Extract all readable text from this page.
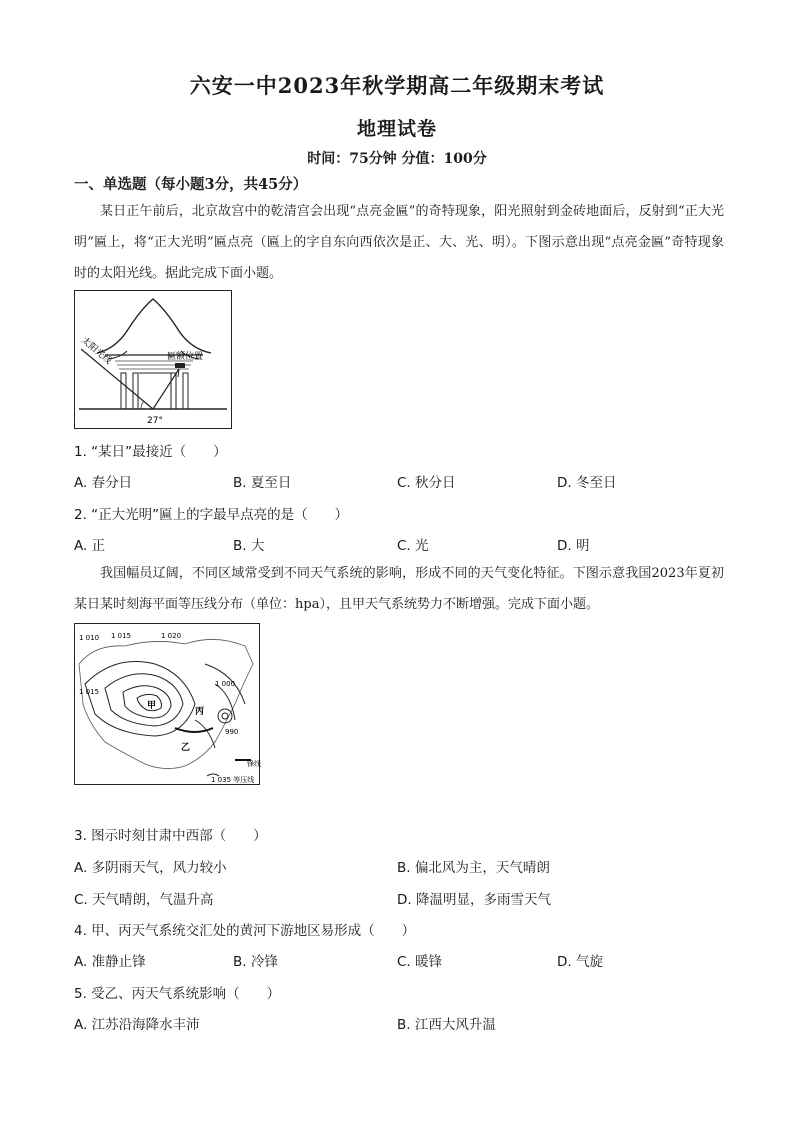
六安一中2023年秋学期高二年级期末考试
地理试卷
时间：75分钟 分值：100分
一、单选题（每小题3分，共45分）
某日正午前后，北京故宫中的乾清宫会出现“点亮金匾”的奇特现象，阳光照射到金砖地面后，反射到“正大光明”匾上，将“正大光明”匾点亮（匾上的字自东向西依次是正、大、光、明）。下图示意出现“点亮金匾”奇特现象时的太阳光线。据此完成下面小题。
太阳光线	匾额位置
27°
1. “某日”最接近（　　）
A. 春分日	B. 夏至日	C. 秋分日	D. 冬至日
2. “正大光明”匾上的字最早点亮的是（　　）
A. 正	B. 大	C. 光	D. 明
我国幅员辽阔，不同区域常受到不同天气系统的影响，形成不同的天气变化特征。下图示意我国2023年夏初某日某时刻海平面等压线分布（单位：hpa），且甲天气系统势力不断增强。完成下面小题。
1 010 1 015
1 000
1 020
1 015
990
甲
乙
丙
锋线
1 035 等压线
3. 图示时刻甘肃中西部（　　）
A. 多阴雨天气，风力较小	B. 偏北风为主，天气晴朗
C. 天气晴朗，气温升高	D. 降温明显，多雨雪天气
4. 甲、丙天气系统交汇处的黄河下游地区易形成（　　）
A. 准静止锋	B. 冷锋	C. 暖锋	D. 气旋
5. 受乙、丙天气系统影响（　　）
A. 江苏沿海降水丰沛	B. 江西大风升温
